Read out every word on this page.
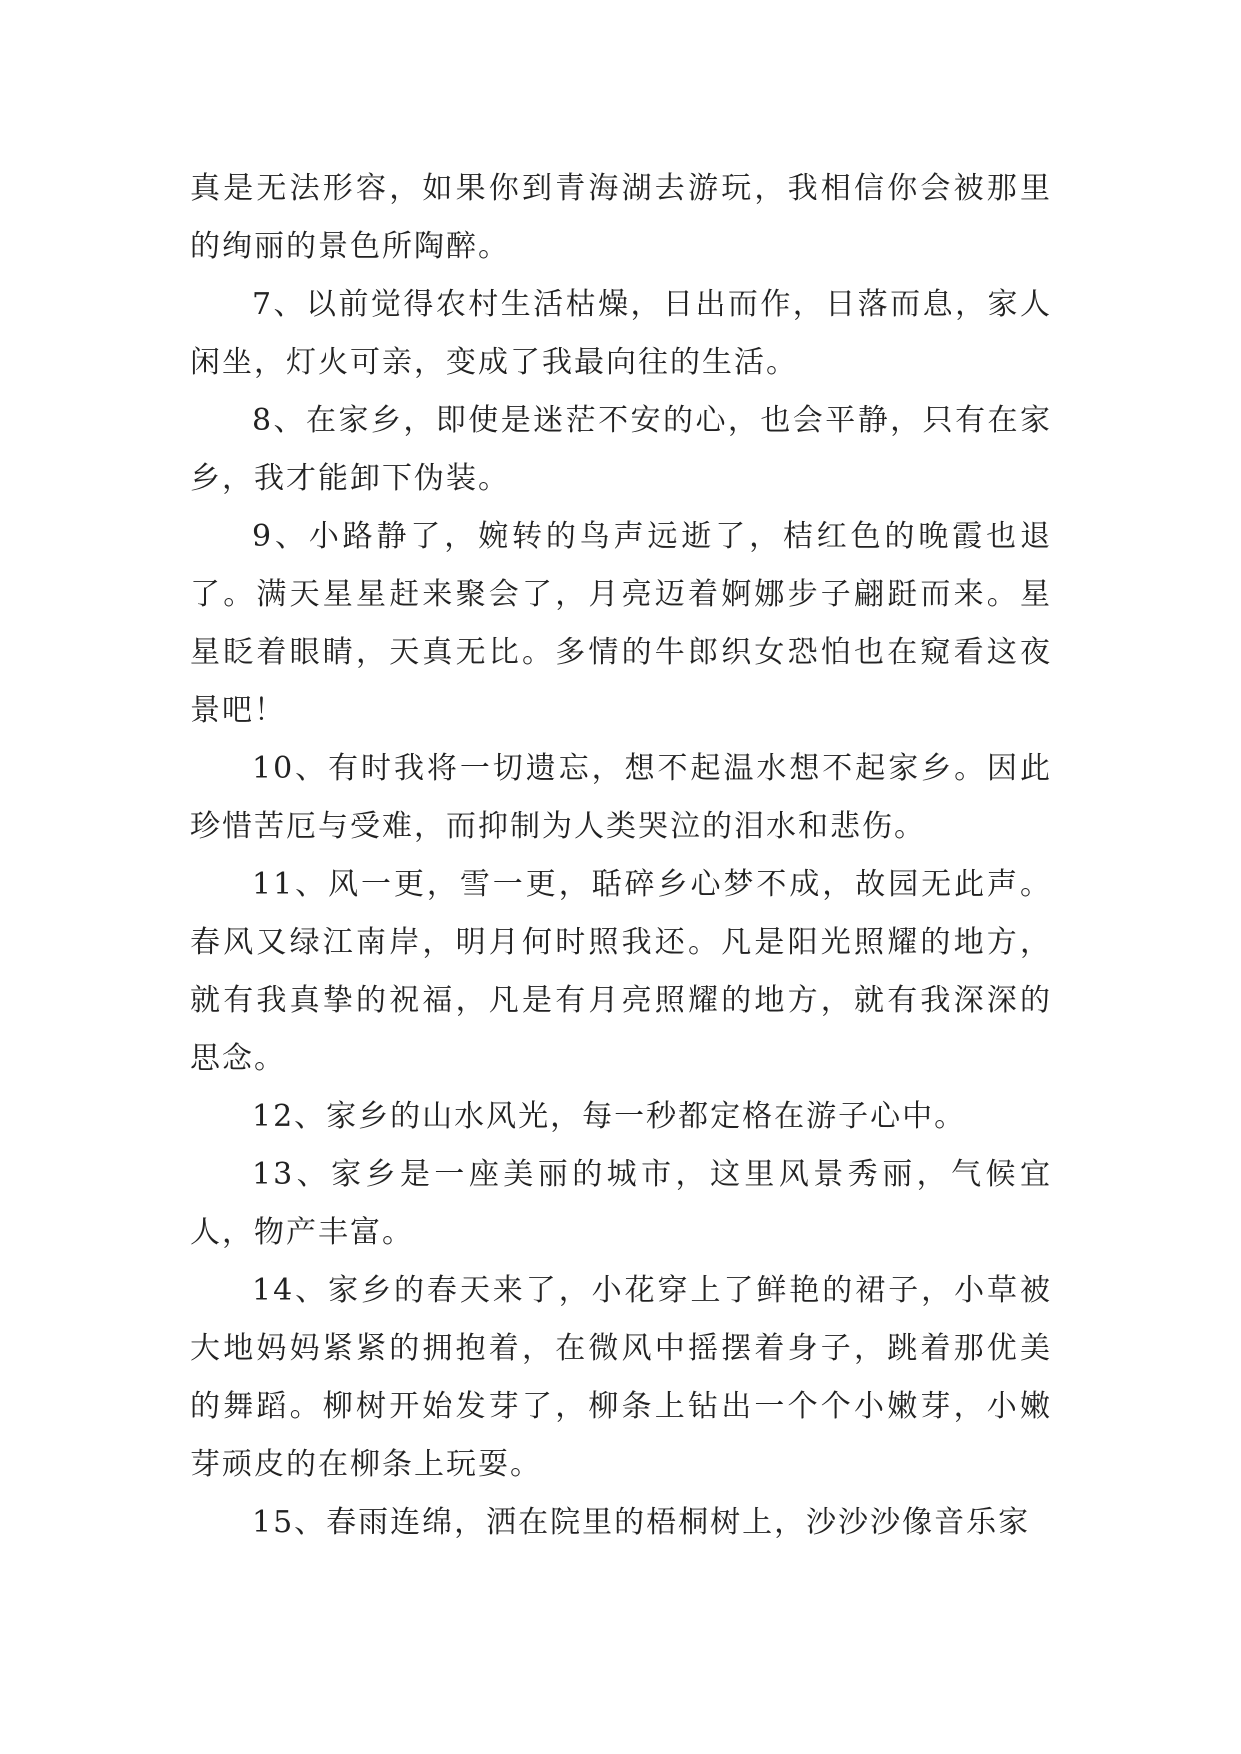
真是无法形容，如果你到青海湖去游玩，我相信你会被那里的绚丽的景色所陶醉。

7、以前觉得农村生活枯燥，日出而作，日落而息，家人闲坐，灯火可亲，变成了我最向往的生活。

8、在家乡，即使是迷茫不安的心，也会平静，只有在家乡，我才能卸下伪装。

9、小路静了，婉转的鸟声远逝了，桔红色的晚霞也退了。满天星星赶来聚会了，月亮迈着婀娜步子翩跹而来。星星眨着眼睛，天真无比。多情的牛郎织女恐怕也在窥看这夜景吧！

10、有时我将一切遗忘，想不起温水想不起家乡。因此珍惜苦厄与受难，而抑制为人类哭泣的泪水和悲伤。

11、风一更，雪一更，聒碎乡心梦不成，故园无此声。春风又绿江南岸，明月何时照我还。凡是阳光照耀的地方，就有我真挚的祝福，凡是有月亮照耀的地方，就有我深深的思念。

12、家乡的山水风光，每一秒都定格在游子心中。

13、家乡是一座美丽的城市，这里风景秀丽，气候宜人，物产丰富。

14、家乡的春天来了，小花穿上了鲜艳的裙子，小草被大地妈妈紧紧的拥抱着，在微风中摇摆着身子，跳着那优美的舞蹈。柳树开始发芽了，柳条上钻出一个个小嫩芽，小嫩芽顽皮的在柳条上玩耍。

15、春雨连绵，洒在院里的梧桐树上，沙沙沙像音乐家
